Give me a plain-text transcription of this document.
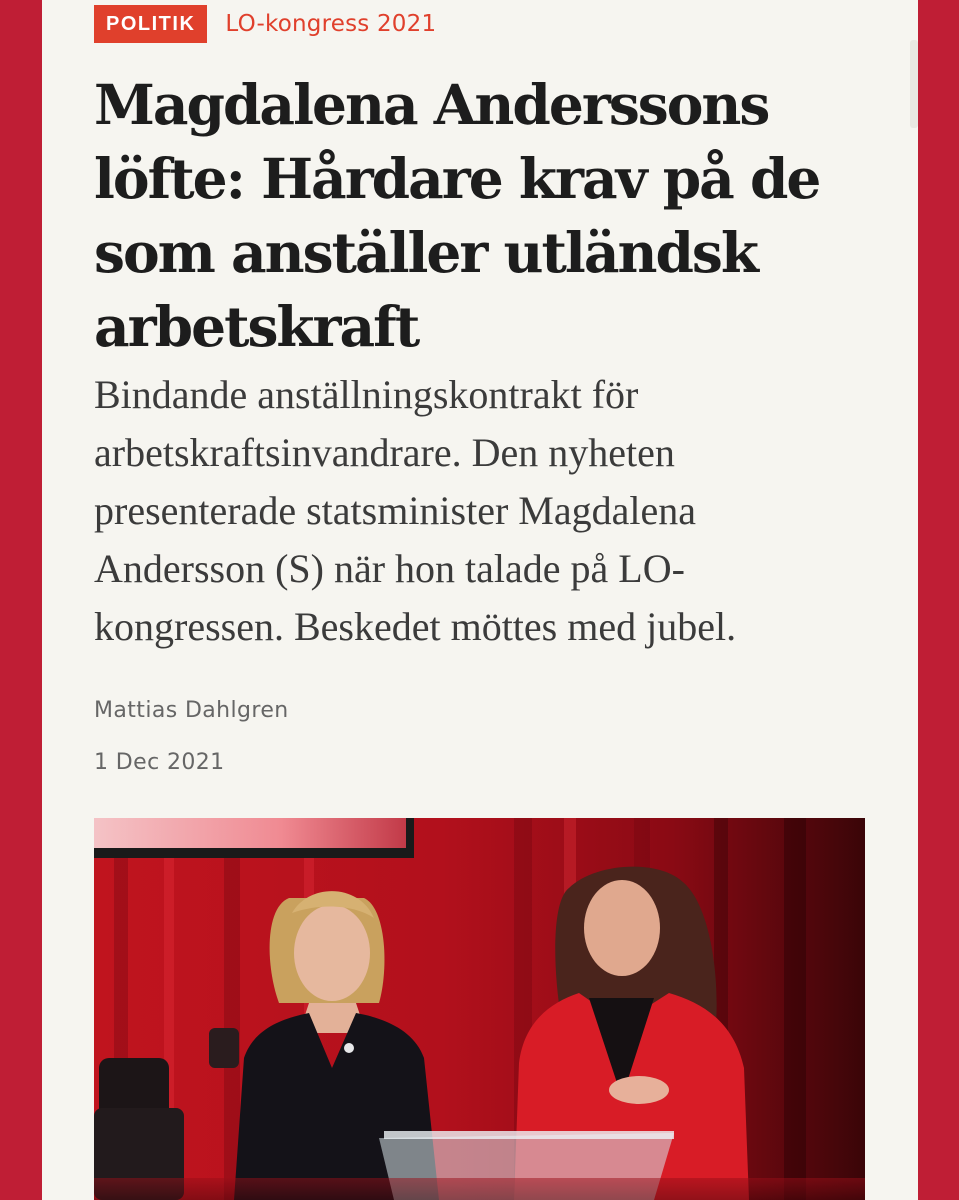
POLITIK	LO-kongress 2021
Magdalena Anderssons löfte: Hårdare krav på de som anställer utländsk arbetskraft

Bindande anställningskontrakt för arbetskraftsinvandrare. Den nyheten presenterade statsminister Magdalena Andersson (S) när hon talade på LO-kongressen. Beskedet möttes med jubel.

Mattias Dahlgren
1 Dec 2021
